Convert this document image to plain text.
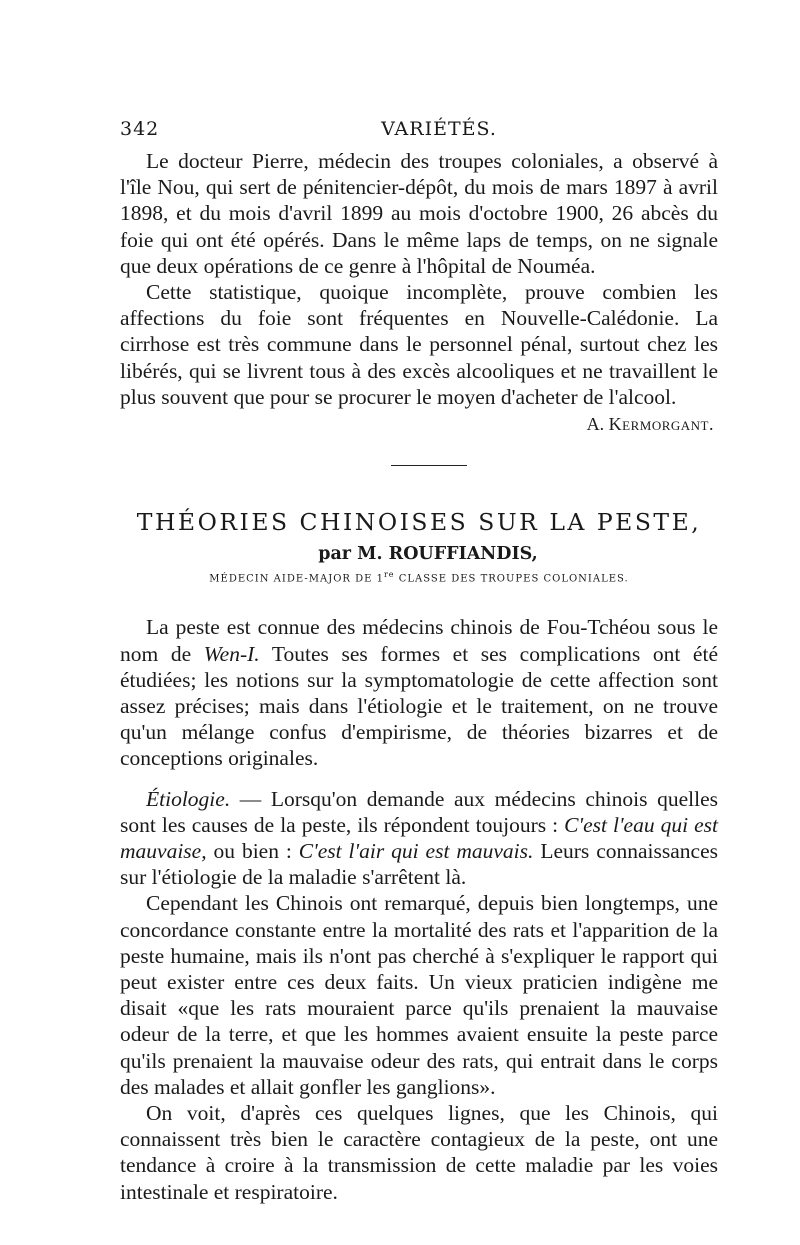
342	VARIÉTÉS.

Le docteur Pierre, médecin des troupes coloniales, a observé à l'île Nou, qui sert de pénitencier-dépôt, du mois de mars 1897 à avril 1898, et du mois d'avril 1899 au mois d'octobre 1900, 26 abcès du foie qui ont été opérés. Dans le même laps de temps, on ne signale que deux opérations de ce genre à l'hôpital de Nouméa.

Cette statistique, quoique incomplète, prouve combien les affections du foie sont fréquentes en Nouvelle-Calédonie. La cirrhose est très commune dans le personnel pénal, surtout chez les libérés, qui se livrent tous à des excès alcooliques et ne travaillent le plus souvent que pour se procurer le moyen d'acheter de l'alcool.

A. Kermorgant.
THÉORIES CHINOISES SUR LA PESTE,
par M. ROUFFIANDIS,
MÉDECIN AIDE-MAJOR DE 1re CLASSE DES TROUPES COLONIALES.

La peste est connue des médecins chinois de Fou-Tchéou sous le nom de Wen-I. Toutes ses formes et ses complications ont été étudiées; les notions sur la symptomatologie de cette affection sont assez précises; mais dans l'étiologie et le traitement, on ne trouve qu'un mélange confus d'empirisme, de théories bizarres et de conceptions originales.

Étiologie. — Lorsqu'on demande aux médecins chinois quelles sont les causes de la peste, ils répondent toujours : C'est l'eau qui est mauvaise, ou bien : C'est l'air qui est mauvais. Leurs connaissances sur l'étiologie de la maladie s'arrêtent là.

Cependant les Chinois ont remarqué, depuis bien longtemps, une concordance constante entre la mortalité des rats et l'apparition de la peste humaine, mais ils n'ont pas cherché à s'expliquer le rapport qui peut exister entre ces deux faits. Un vieux praticien indigène me disait «que les rats mouraient parce qu'ils prenaient la mauvaise odeur de la terre, et que les hommes avaient ensuite la peste parce qu'ils prenaient la mauvaise odeur des rats, qui entrait dans le corps des malades et allait gonfler les ganglions».

On voit, d'après ces quelques lignes, que les Chinois, qui connaissent très bien le caractère contagieux de la peste, ont une tendance à croire à la transmission de cette maladie par les voies intestinale et respiratoire.
